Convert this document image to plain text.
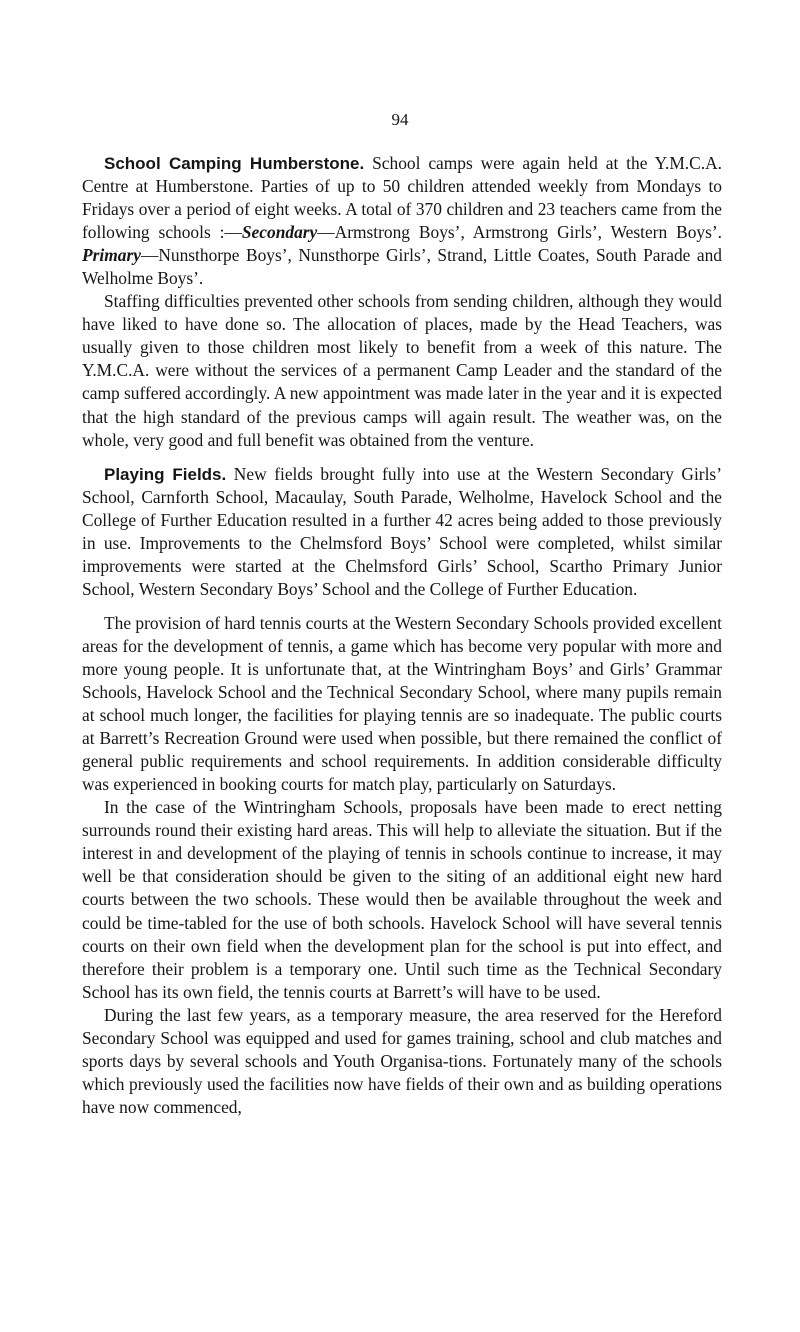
94

School Camping Humberstone. School camps were again held at the Y.M.C.A. Centre at Humberstone. Parties of up to 50 children attended weekly from Mondays to Fridays over a period of eight weeks. A total of 370 children and 23 teachers came from the following schools :—Secondary—Armstrong Boys’, Armstrong Girls’, Western Boys’. Primary—Nunsthorpe Boys’, Nunsthorpe Girls’, Strand, Little Coates, South Parade and Welholme Boys’.

Staffing difficulties prevented other schools from sending children, although they would have liked to have done so. The allocation of places, made by the Head Teachers, was usually given to those children most likely to benefit from a week of this nature. The Y.M.C.A. were without the services of a permanent Camp Leader and the standard of the camp suffered accordingly. A new appointment was made later in the year and it is expected that the high standard of the previous camps will again result. The weather was, on the whole, very good and full benefit was obtained from the venture.

Playing Fields. New fields brought fully into use at the Western Secondary Girls’ School, Carnforth School, Macaulay, South Parade, Welholme, Havelock School and the College of Further Education resulted in a further 42 acres being added to those previously in use. Improvements to the Chelmsford Boys’ School were completed, whilst similar improvements were started at the Chelmsford Girls’ School, Scartho Primary Junior School, Western Secondary Boys’ School and the College of Further Education.

The provision of hard tennis courts at the Western Secondary Schools provided excellent areas for the development of tennis, a game which has become very popular with more and more young people. It is unfortunate that, at the Wintringham Boys’ and Girls’ Grammar Schools, Havelock School and the Technical Secondary School, where many pupils remain at school much longer, the facilities for playing tennis are so inadequate. The public courts at Barrett’s Recreation Ground were used when possible, but there remained the conflict of general public requirements and school requirements. In addition considerable difficulty was experienced in booking courts for match play, particularly on Saturdays.

In the case of the Wintringham Schools, proposals have been made to erect netting surrounds round their existing hard areas. This will help to alleviate the situation. But if the interest in and development of the playing of tennis in schools continue to increase, it may well be that consideration should be given to the siting of an additional eight new hard courts between the two schools. These would then be available throughout the week and could be time-tabled for the use of both schools. Havelock School will have several tennis courts on their own field when the development plan for the school is put into effect, and therefore their problem is a temporary one. Until such time as the Technical Secondary School has its own field, the tennis courts at Barrett’s will have to be used.

During the last few years, as a temporary measure, the area reserved for the Hereford Secondary School was equipped and used for games training, school and club matches and sports days by several schools and Youth Organisa-tions. Fortunately many of the schools which previously used the facilities now have fields of their own and as building operations have now commenced,
